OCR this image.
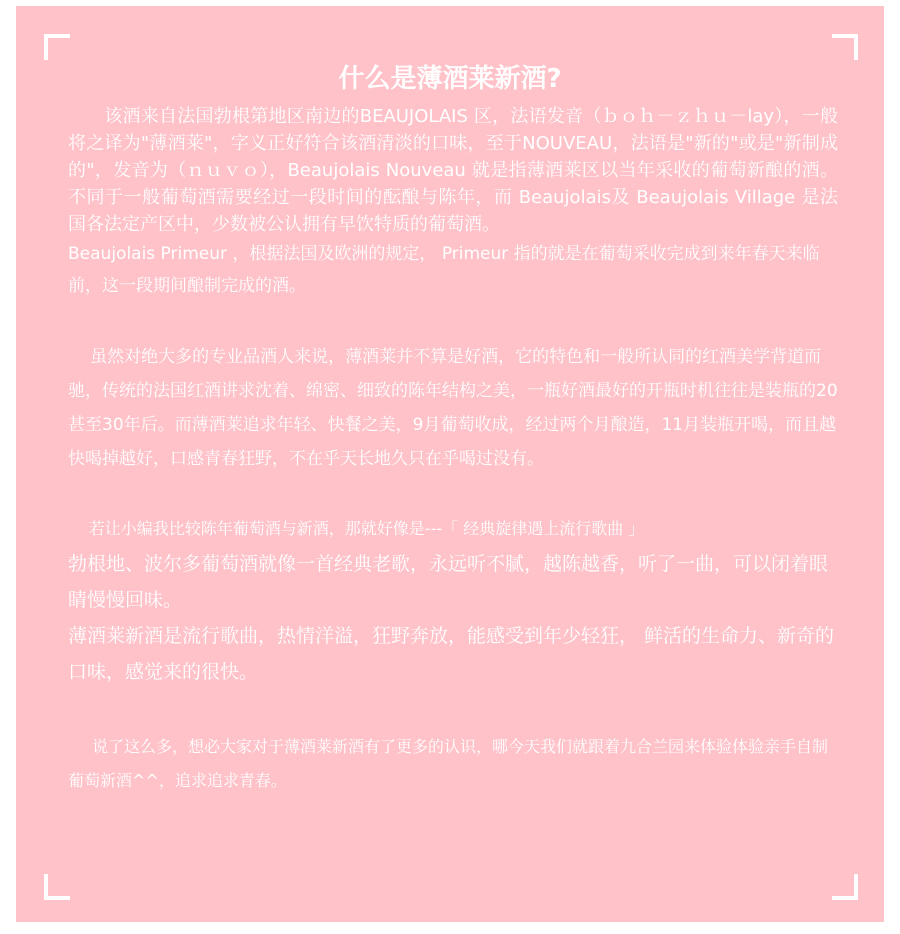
什么是薄酒莱新酒?

该酒来自法国勃根第地区南边的BEAUJOLAIS 区，法语发音（ｂｏｈ－ｚｈｕ－lay），一般将之译为"薄酒莱"，字义正好符合该酒清淡的口味，至于NOUVEAU，法语是"新的"或是"新制成的"，发音为（ｎｕｖｏ），Beaujolais Nouveau 就是指薄酒莱区以当年采收的葡萄新酿的酒。不同于一般葡萄酒需要经过一段时间的酝酿与陈年，而 Beaujolais及 Beaujolais Village 是法国各法定产区中，少数被公认拥有早饮特质的葡萄酒。

Beaujolais Primeur ，根据法国及欧洲的规定， Primeur 指的就是在葡萄采收完成到来年春天来临前，这一段期间酿制完成的酒。

虽然对绝大多的专业品酒人来说，薄酒莱并不算是好酒，它的特色和一般所认同的红酒美学背道而驰，传统的法国红酒讲求沈着、绵密、细致的陈年结构之美，一瓶好酒最好的开瓶时机往往是装瓶的20甚至30年后。而薄酒莱追求年轻、快餐之美，9月葡萄收成，经过两个月酿造，11月装瓶开喝，而且越快喝掉越好，口感青春狂野，不在乎天长地久只在乎喝过没有。

若让小编我比较陈年葡萄酒与新酒，那就好像是---「 经典旋律遇上流行歌曲 」

勃根地、波尔多葡萄酒就像一首经典老歌，永远听不腻，越陈越香，听了一曲，可以闭着眼睛慢慢回味。

薄酒莱新酒是流行歌曲，热情洋溢，狂野奔放，能感受到年少轻狂， 鲜活的生命力、新奇的口味，感觉来的很快。

说了这么多，想必大家对于薄酒莱新酒有了更多的认识，哪今天我们就跟着九合兰园来体验体验亲手自制葡萄新酒^^，追求追求青春。
